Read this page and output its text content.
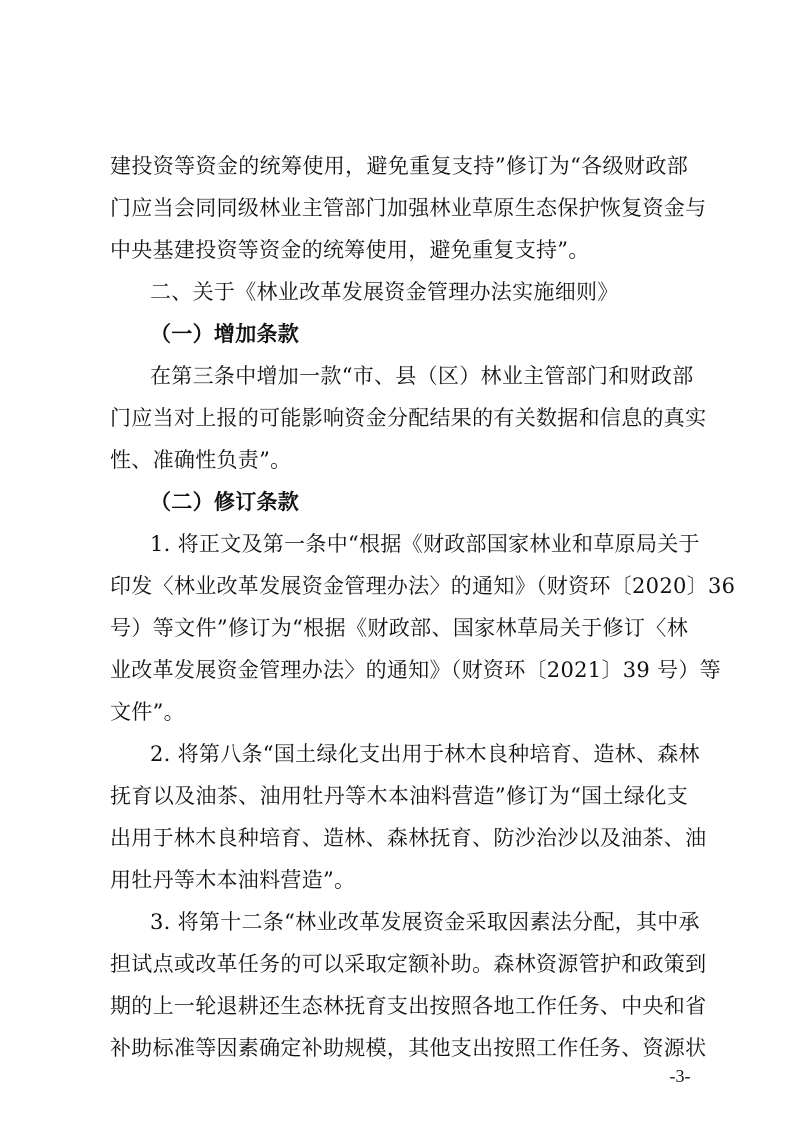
建投资等资金的统筹使用，避免重复支持”修订为“各级财政部
门应当会同同级林业主管部门加强林业草原生态保护恢复资金与
中央基建投资等资金的统筹使用，避免重复支持”。
二、关于《林业改革发展资金管理办法实施细则》
（一）增加条款
在第三条中增加一款“市、县（区）林业主管部门和财政部
门应当对上报的可能影响资金分配结果的有关数据和信息的真实
性、准确性负责”。
（二）修订条款
1. 将正文及第一条中“根据《财政部国家林业和草原局关于
印发〈林业改革发展资金管理办法〉的通知》（财资环〔2020〕36
号）等文件”修订为“根据《财政部、国家林草局关于修订〈林
业改革发展资金管理办法〉的通知》（财资环〔2021〕39 号）等
文件”。
2. 将第八条“国土绿化支出用于林木良种培育、造林、森林
抚育以及油茶、油用牡丹等木本油料营造”修订为“国土绿化支
出用于林木良种培育、造林、森林抚育、防沙治沙以及油茶、油
用牡丹等木本油料营造”。
3. 将第十二条“林业改革发展资金采取因素法分配，其中承
担试点或改革任务的可以采取定额补助。森林资源管护和政策到
期的上一轮退耕还生态林抚育支出按照各地工作任务、中央和省
补助标准等因素确定补助规模，其他支出按照工作任务、资源状
-3-
